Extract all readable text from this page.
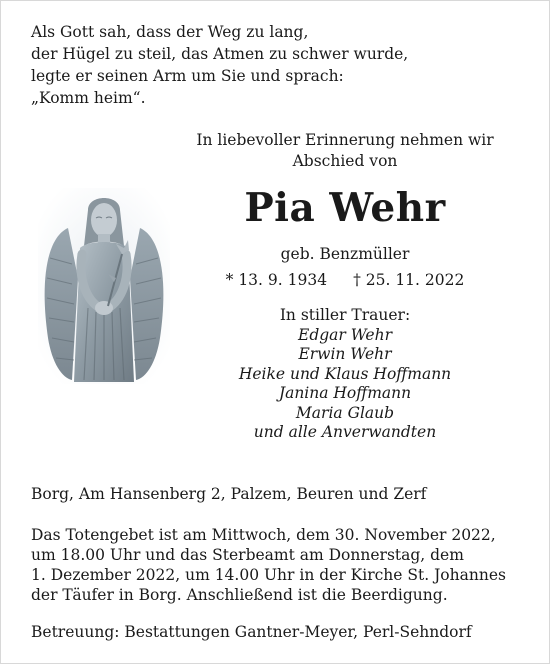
Als Gott sah, dass der Weg zu lang,
der Hügel zu steil, das Atmen zu schwer wurde,
legte er seinen Arm um Sie und sprach:
„Komm heim“.
In liebevoller Erinnerung nehmen wir
Abschied von
Pia Wehr
geb. Benzmüller
* 13. 9. 1934 † 25. 11. 2022
In stiller Trauer:
Edgar Wehr
Erwin Wehr
Heike und Klaus Hoffmann
Janina Hoffmann
Maria Glaub
und alle Anverwandten
Borg, Am Hansenberg 2, Palzem, Beuren und Zerf
Das Totengebet ist am Mittwoch, dem 30. November 2022,
um 18.00 Uhr und das Sterbeamt am Donnerstag, dem
1. Dezember 2022, um 14.00 Uhr in der Kirche St. Johannes
der Täufer in Borg. Anschließend ist die Beerdigung.
Betreuung: Bestattungen Gantner-Meyer, Perl-Sehndorf
